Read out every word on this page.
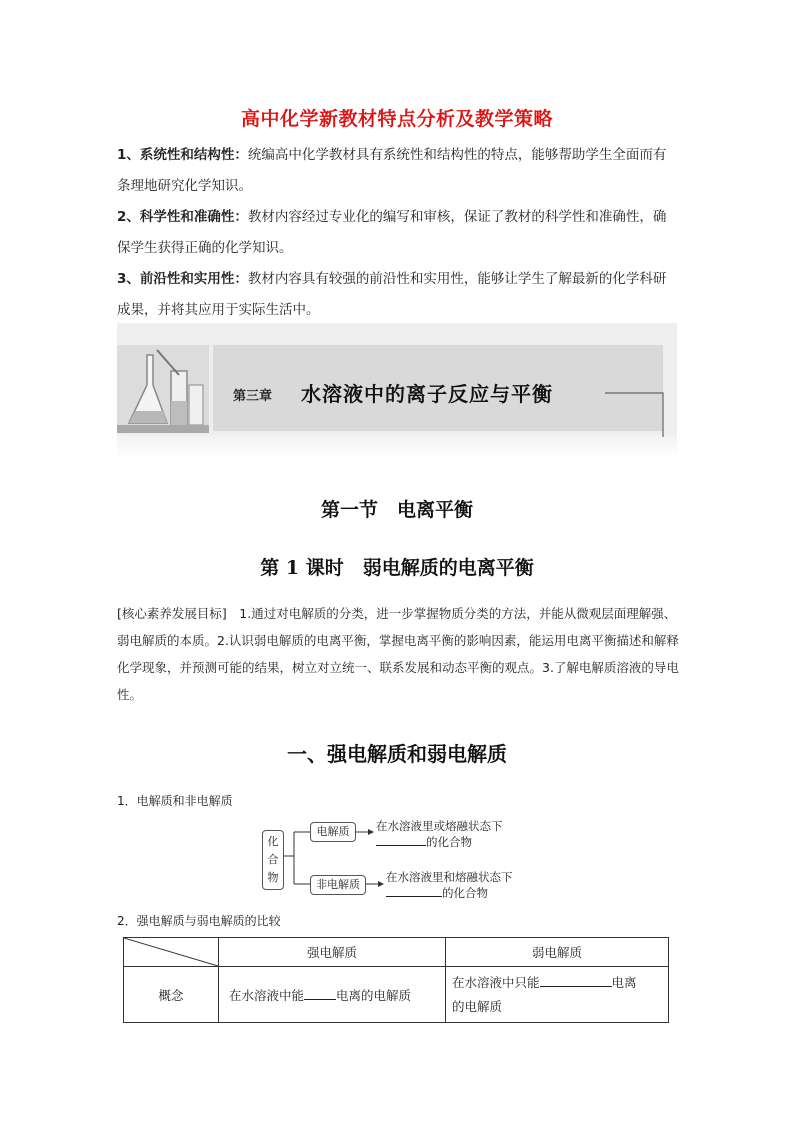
高中化学新教材特点分析及教学策略
1、系统性和结构性：统编高中化学教材具有系统性和结构性的特点，能够帮助学生全面而有条理地研究化学知识。
2、科学性和准确性：教材内容经过专业化的编写和审核，保证了教材的科学性和准确性，确保学生获得正确的化学知识。
3、前沿性和实用性：教材内容具有较强的前沿性和实用性，能够让学生了解最新的化学科研成果，并将其应用于实际生活中。
第三章 水溶液中的离子反应与平衡
第一节　电离平衡
第 1 课时　弱电解质的电离平衡
[核心素养发展目标]　 1.通过对电解质的分类，进一步掌握物质分类的方法，并能从微观层面理解强、弱电解质的本质。2.认识弱电解质的电离平衡，掌握电离平衡的影响因素，能运用电离平衡描述和解释化学现象，并预测可能的结果，树立对立统一、联系发展和动态平衡的观点。3.了解电解质溶液的导电性。
一、强电解质和弱电解质
1．电解质和非电解质
化合物
电解质
非电解质
在水溶液里或熔融状态下
的化合物
在水溶液里和熔融状态下
的化合物
2．强电解质与弱电解质的比较
	强电解质	弱电解质
概念	在水溶液中能 电离的电解质	在水溶液中只能 电离
的电解质
